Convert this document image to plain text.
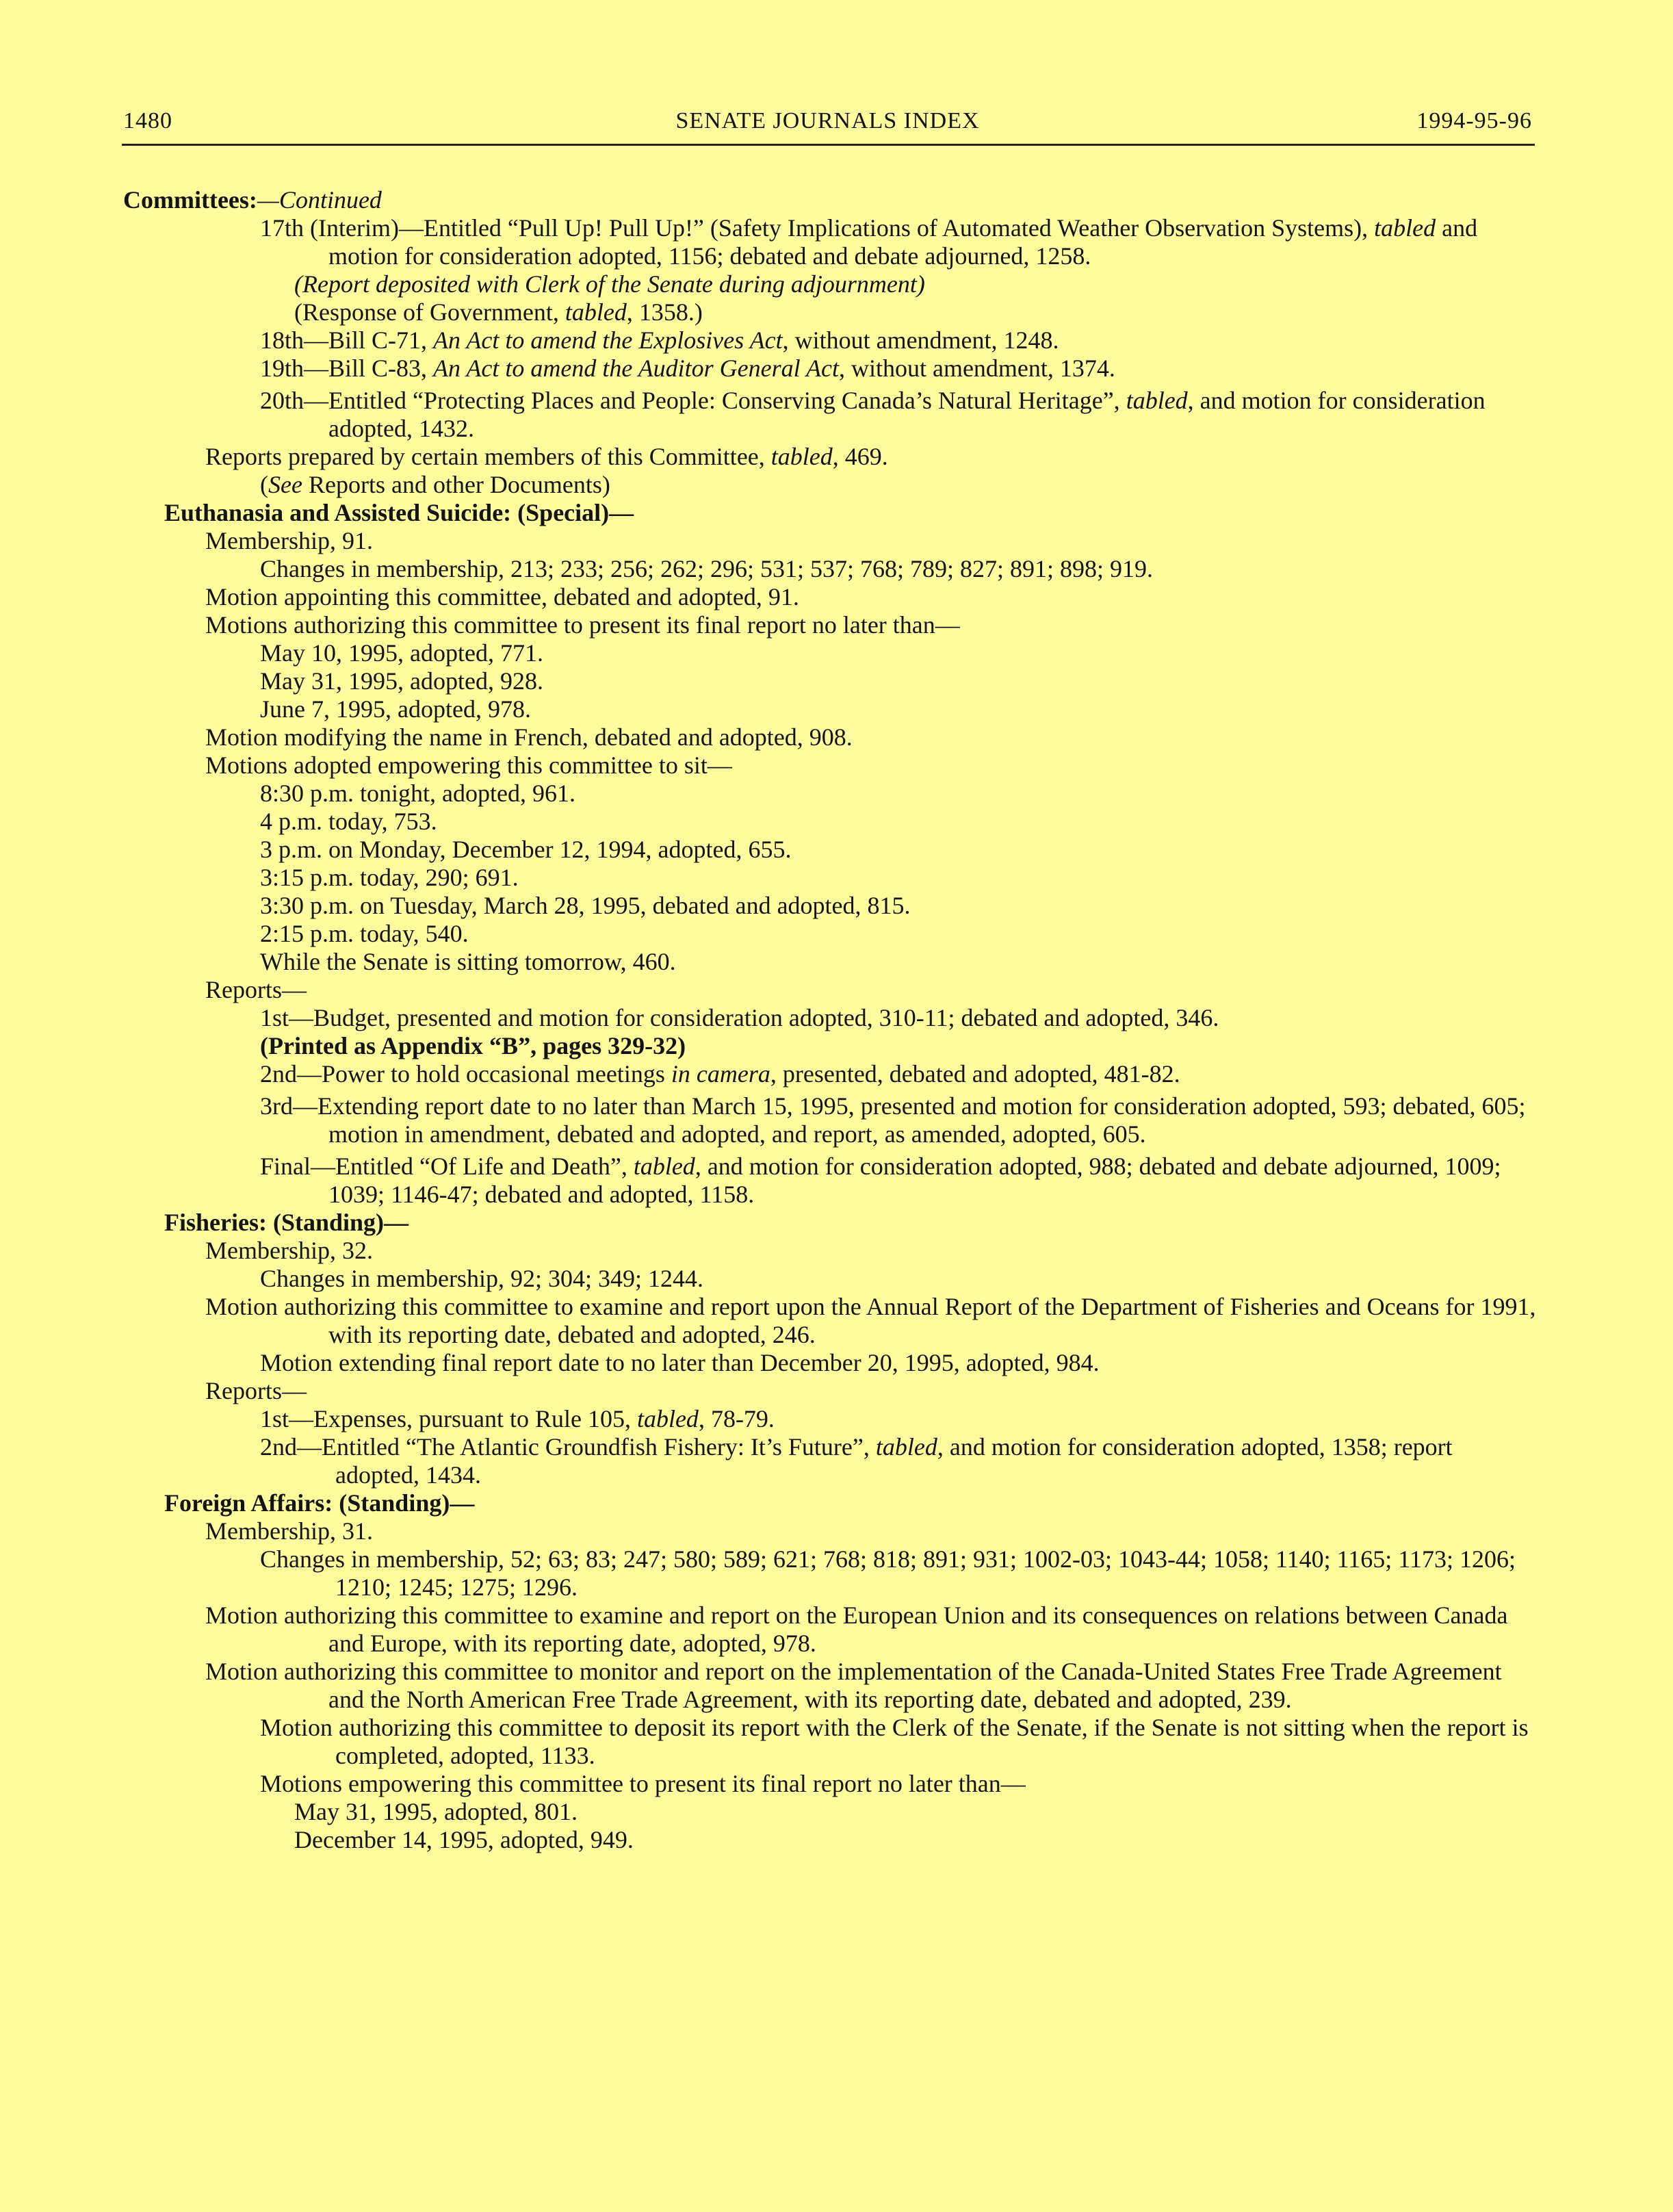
1480	SENATE JOURNALS INDEX	1994-95-96
Committees:—Continued
17th (Interim)—Entitled “Pull Up! Pull Up!” (Safety Implications of Automated Weather Observation Systems), tabled and motion for consideration adopted, 1156; debated and debate adjourned, 1258.
(Report deposited with Clerk of the Senate during adjournment)
(Response of Government, tabled, 1358.)
18th—Bill C-71, An Act to amend the Explosives Act, without amendment, 1248.
19th—Bill C-83, An Act to amend the Auditor General Act, without amendment, 1374.
20th—Entitled “Protecting Places and People: Conserving Canada’s Natural Heritage”, tabled, and motion for consideration adopted, 1432.
Reports prepared by certain members of this Committee, tabled, 469.
(See Reports and other Documents)
Euthanasia and Assisted Suicide: (Special)—
Membership, 91.
Changes in membership, 213; 233; 256; 262; 296; 531; 537; 768; 789; 827; 891; 898; 919.
Motion appointing this committee, debated and adopted, 91.
Motions authorizing this committee to present its final report no later than—
May 10, 1995, adopted, 771.
May 31, 1995, adopted, 928.
June 7, 1995, adopted, 978.
Motion modifying the name in French, debated and adopted, 908.
Motions adopted empowering this committee to sit—
8:30 p.m. tonight, adopted, 961.
4 p.m. today, 753.
3 p.m. on Monday, December 12, 1994, adopted, 655.
3:15 p.m. today, 290; 691.
3:30 p.m. on Tuesday, March 28, 1995, debated and adopted, 815.
2:15 p.m. today, 540.
While the Senate is sitting tomorrow, 460.
Reports—
1st—Budget, presented and motion for consideration adopted, 310-11; debated and adopted, 346.
(Printed as Appendix “B”, pages 329-32)
2nd—Power to hold occasional meetings in camera, presented, debated and adopted, 481-82.
3rd—Extending report date to no later than March 15, 1995, presented and motion for consideration adopted, 593; debated, 605; motion in amendment, debated and adopted, and report, as amended, adopted, 605.
Final—Entitled “Of Life and Death”, tabled, and motion for consideration adopted, 988; debated and debate adjourned, 1009; 1039; 1146-47; debated and adopted, 1158.
Fisheries: (Standing)—
Membership, 32.
Changes in membership, 92; 304; 349; 1244.
Motion authorizing this committee to examine and report upon the Annual Report of the Department of Fisheries and Oceans for 1991, with its reporting date, debated and adopted, 246.
Motion extending final report date to no later than December 20, 1995, adopted, 984.
Reports—
1st—Expenses, pursuant to Rule 105, tabled, 78-79.
2nd—Entitled “The Atlantic Groundfish Fishery: It’s Future”, tabled, and motion for consideration adopted, 1358; report adopted, 1434.
Foreign Affairs: (Standing)—
Membership, 31.
Changes in membership, 52; 63; 83; 247; 580; 589; 621; 768; 818; 891; 931; 1002-03; 1043-44; 1058; 1140; 1165; 1173; 1206; 1210; 1245; 1275; 1296.
Motion authorizing this committee to examine and report on the European Union and its consequences on relations between Canada and Europe, with its reporting date, adopted, 978.
Motion authorizing this committee to monitor and report on the implementation of the Canada-United States Free Trade Agreement and the North American Free Trade Agreement, with its reporting date, debated and adopted, 239.
Motion authorizing this committee to deposit its report with the Clerk of the Senate, if the Senate is not sitting when the report is completed, adopted, 1133.
Motions empowering this committee to present its final report no later than—
May 31, 1995, adopted, 801.
December 14, 1995, adopted, 949.
